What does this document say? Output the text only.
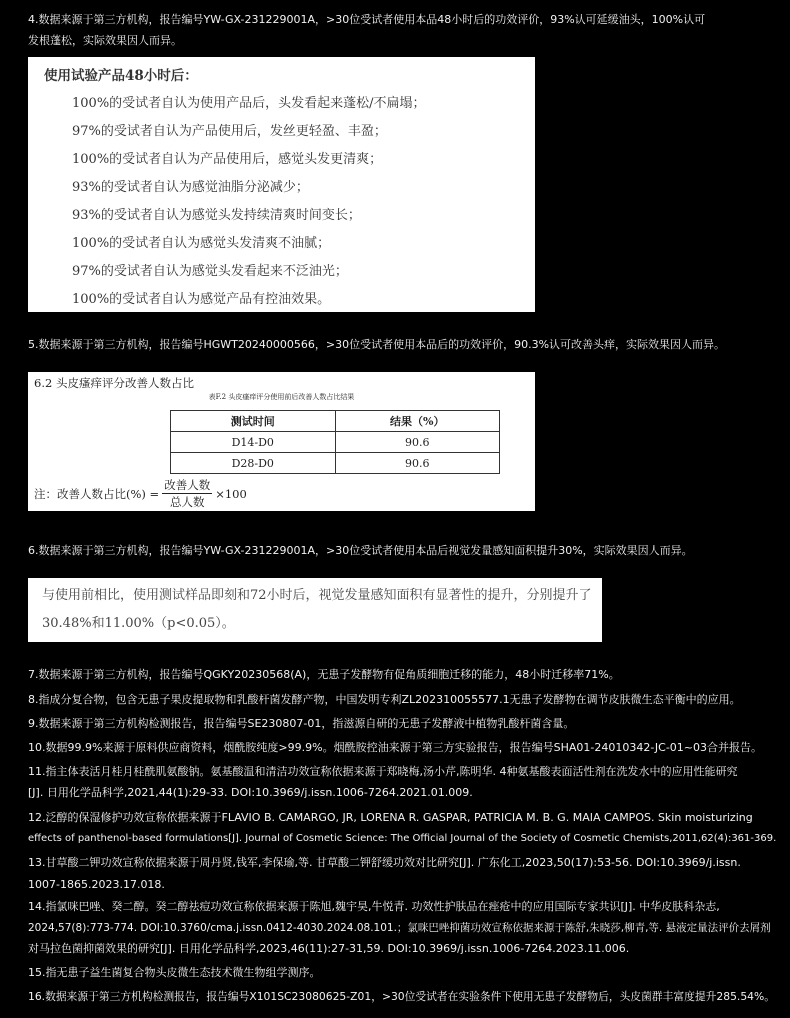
4.数据来源于第三方机构，报告编号YW-GX-231229001A，>30位受试者使用本品48小时后的功效评价，93%认可延缓油头，100%认可
发根蓬松，实际效果因人而异。
使用试验产品48小时后：
100%的受试者自认为使用产品后，头发看起来蓬松/不扁塌；
97%的受试者自认为产品使用后，发丝更轻盈、丰盈；
100%的受试者自认为产品使用后，感觉头发更清爽；
93%的受试者自认为感觉油脂分泌减少；
93%的受试者自认为感觉头发持续清爽时间变长；
100%的受试者自认为感觉头发清爽不油腻；
97%的受试者自认为感觉头发看起来不泛油光；
100%的受试者自认为感觉产品有控油效果。
5.数据来源于第三方机构，报告编号HGWT20240000566，>30位受试者使用本品后的功效评价，90.3%认可改善头痒，实际效果因人而异。
6.2 头皮瘙痒评分改善人数占比
表F.2 头皮瘙痒评分使用前后改善人数占比结果
测试时间	结果（%）
D14-D0	90.6
D28-D0	90.6
注：改善人数占比(%) = $\frac{\text{改善人数}}{\text{总人数}} \times 100$
6.数据来源于第三方机构，报告编号YW-GX-231229001A，>30位受试者使用本品后视觉发量感知面积提升30%，实际效果因人而异。
与使用前相比，使用测试样品即刻和72小时后，视觉发量感知面积有显著性的提升，分别提升了30.48%和11.00%（p<0.05）。
7.数据来源于第三方机构，报告编号QGKY20230568(A)，无患子发酵物有促角质细胞迁移的能力，48小时迁移率71%。
8.指成分复合物，包含无患子果皮提取物和乳酸杆菌发酵产物，中国发明专利ZL202310055577.1无患子发酵物在调节皮肤微生态平衡中的应用。
9.数据来源于第三方机构检测报告，报告编号SE230807-01，指滋源自研的无患子发酵液中植物乳酸杆菌含量。
10.数据99.9%来源于原料供应商资料，烟酰胺纯度>99.9%。烟酰胺控油来源于第三方实验报告，报告编号SHA01-24010342-JC-01~03合并报告。
11.指主体表活月桂月桂酰肌氨酸钠。氨基酸温和清洁功效宣称依据来源于郑晓梅,汤小芹,陈明华. 4种氨基酸表面活性剂在洗发水中的应用性能研究
[J]. 日用化学品科学,2021,44(1):29-33. DOI:10.3969/j.issn.1006-7264.2021.01.009.
12.泛醇的保湿修护功效宣称依据来源于FLAVIO B. CAMARGO, JR, LORENA R. GASPAR, PATRICIA M. B. G. MAIA CAMPOS. Skin moisturizing
effects of panthenol-based formulations[J]. Journal of Cosmetic Science: The Official Journal of the Society of Cosmetic Chemists,2011,62(4):361-369.
13.甘草酸二钾功效宣称依据来源于周丹贤,钱军,李保瑜,等. 甘草酸二钾舒缓功效对比研究[J]. 广东化工,2023,50(17):53-56. DOI:10.3969/j.issn.
1007-1865.2023.17.018.
14.指氯咪巴唑、癸二醇。癸二醇祛痘功效宣称依据来源于陈旭,魏宇昊,牛悦青. 功效性护肤品在痤疮中的应用国际专家共识[J]. 中华皮肤科杂志,
2024,57(8):773-774. DOI:10.3760/cma.j.issn.0412-4030.2024.08.101.；氯咪巴唑抑菌功效宣称依据来源于陈舒,朱晓莎,柳青,等. 悬液定量法评价去屑剂
对马拉色菌抑菌效果的研究[J]. 日用化学品科学,2023,46(11):27-31,59. DOI:10.3969/j.issn.1006-7264.2023.11.006.
15.指无患子益生菌复合物头皮微生态技术微生物组学测序。
16.数据来源于第三方机构检测报告，报告编号X101SC23080625-Z01，>30位受试者在实验条件下使用无患子发酵物后，头皮菌群丰富度提升285.54%。
